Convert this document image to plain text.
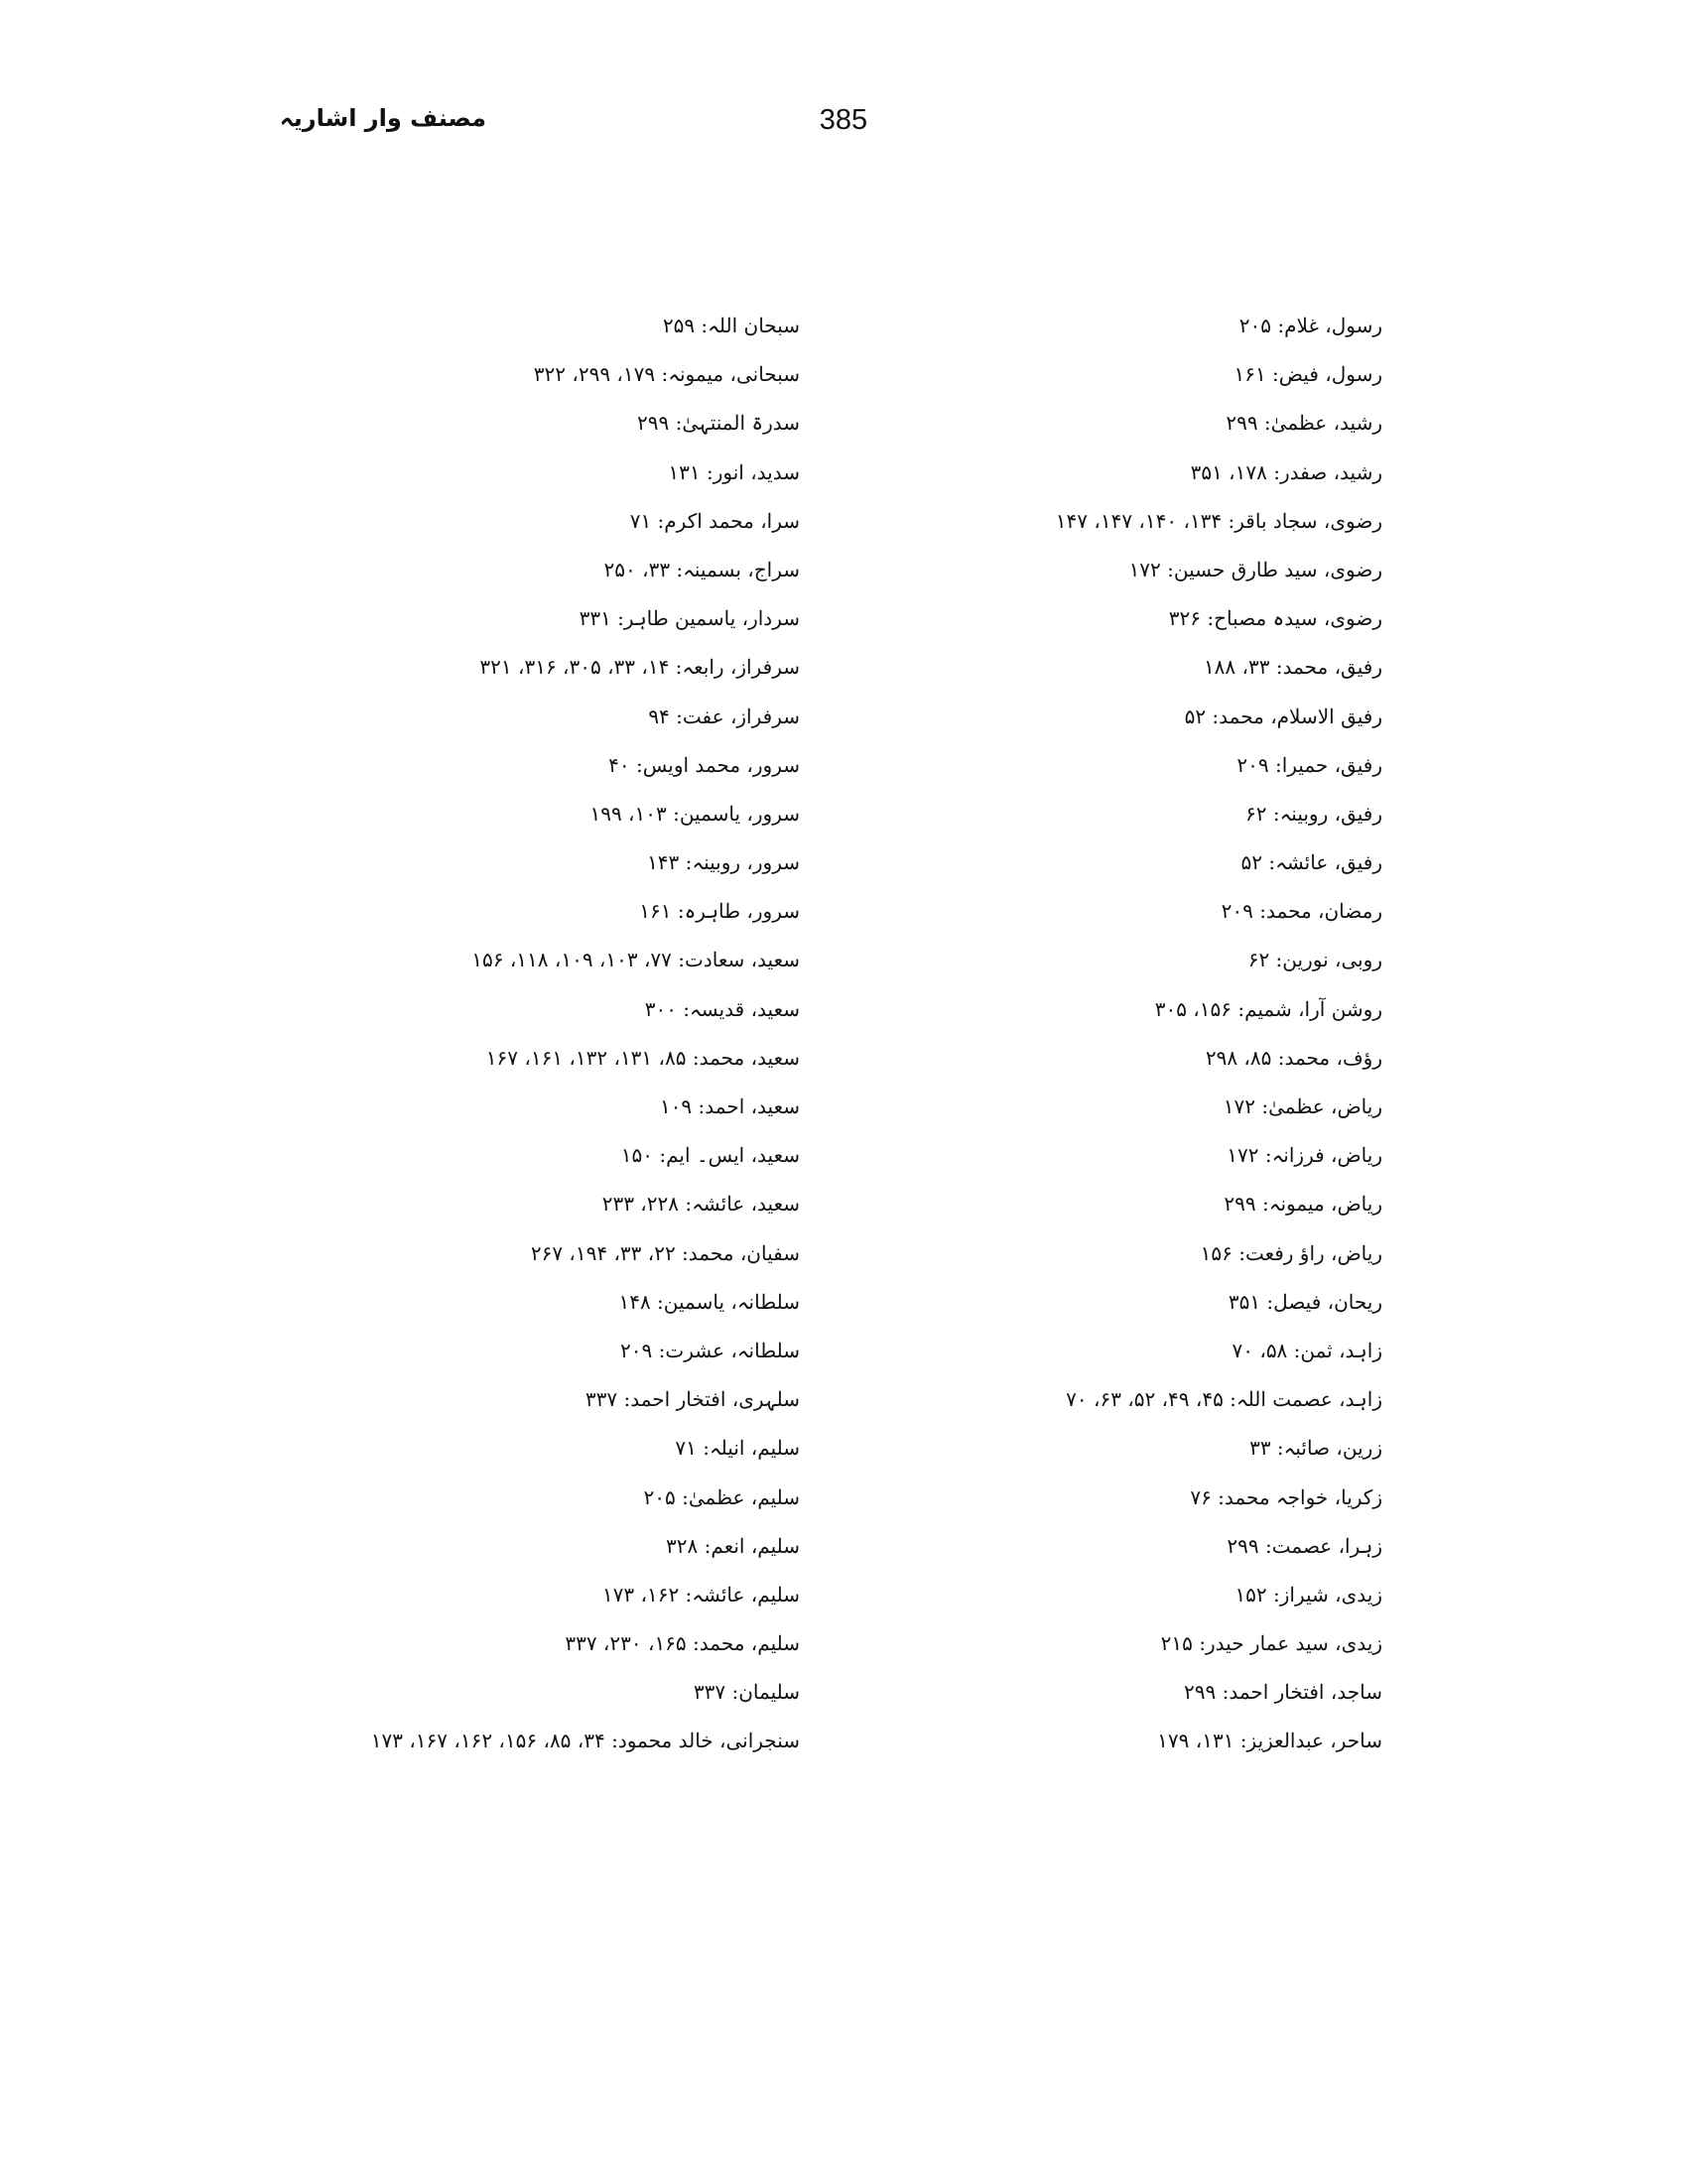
مصنف وار اشاریہ	385
رسول، غلام: ۲۰۵
رسول، فیض: ۱۶۱
رشید، عظمیٰ: ۲۹۹
رشید، صفدر: ۱۷۸، ۳۵۱
رضوی، سجاد باقر: ۱۳۴، ۱۴۰، ۱۴۷، ۱۴۷
رضوی، سید طارق حسین: ۱۷۲
رضوی، سیدہ مصباح: ۳۲۶
رفیق، محمد: ۳۳، ۱۸۸
رفیق الاسلام، محمد: ۵۲
رفیق، حمیرا: ۲۰۹
رفیق، روبینہ: ۶۲
رفیق، عائشہ: ۵۲
رمضان، محمد: ۲۰۹
روبی، نورین: ۶۲
روشن آرا، شمیم: ۱۵۶، ۳۰۵
رؤف، محمد: ۸۵، ۲۹۸
ریاض، عظمیٰ: ۱۷۲
ریاض، فرزانہ: ۱۷۲
ریاض، میمونہ: ۲۹۹
ریاض، راؤ رفعت: ۱۵۶
ریحان، فیصل: ۳۵۱
زاہد، ثمن: ۵۸، ۷۰
زاہد، عصمت اللہ: ۴۵، ۴۹، ۵۲، ۶۳، ۷۰
زرین، صائبہ: ۳۳
زکریا، خواجہ محمد: ۷۶
زہرا، عصمت: ۲۹۹
زیدی، شیراز: ۱۵۲
زیدی، سید عمار حیدر: ۲۱۵
ساجد، افتخار احمد: ۲۹۹
ساحر، عبدالعزیز: ۱۳۱، ۱۷۹
سبحان اللہ: ۲۵۹
سبحانی، میمونہ: ۱۷۹، ۲۹۹، ۳۲۲
سدرۃ المنتہیٰ: ۲۹۹
سدید، انور: ۱۳۱
سرا، محمد اکرم: ۷۱
سراج، بسمینہ: ۳۳، ۲۵۰
سردار، یاسمین طاہر: ۳۳۱
سرفراز، رابعہ: ۱۴، ۳۳، ۳۰۵، ۳۱۶، ۳۲۱
سرفراز، عفت: ۹۴
سرور، محمد اویس: ۴۰
سرور، یاسمین: ۱۰۳، ۱۹۹
سرور، روبینہ: ۱۴۳
سرور، طاہرہ: ۱۶۱
سعید، سعادت: ۷۷، ۱۰۳، ۱۰۹، ۱۱۸، ۱۵۶
سعید، قدیسہ: ۳۰۰
سعید، محمد: ۸۵، ۱۳۱، ۱۳۲، ۱۶۱، ۱۶۷
سعید، احمد: ۱۰۹
سعید، ایس۔ ایم: ۱۵۰
سعید، عائشہ: ۲۲۸، ۲۳۳
سفیان، محمد: ۲۲، ۳۳، ۱۹۴، ۲۶۷
سلطانہ، یاسمین: ۱۴۸
سلطانہ، عشرت: ۲۰۹
سلہری، افتخار احمد: ۳۳۷
سلیم، انیلہ: ۷۱
سلیم، عظمیٰ: ۲۰۵
سلیم، انعم: ۳۲۸
سلیم، عائشہ: ۱۶۲، ۱۷۳
سلیم، محمد: ۱۶۵، ۲۳۰، ۳۳۷
سلیمان: ۳۳۷
سنجرانی، خالد محمود: ۳۴، ۸۵، ۱۵۶، ۱۶۲، ۱۶۷، ۱۷۳
